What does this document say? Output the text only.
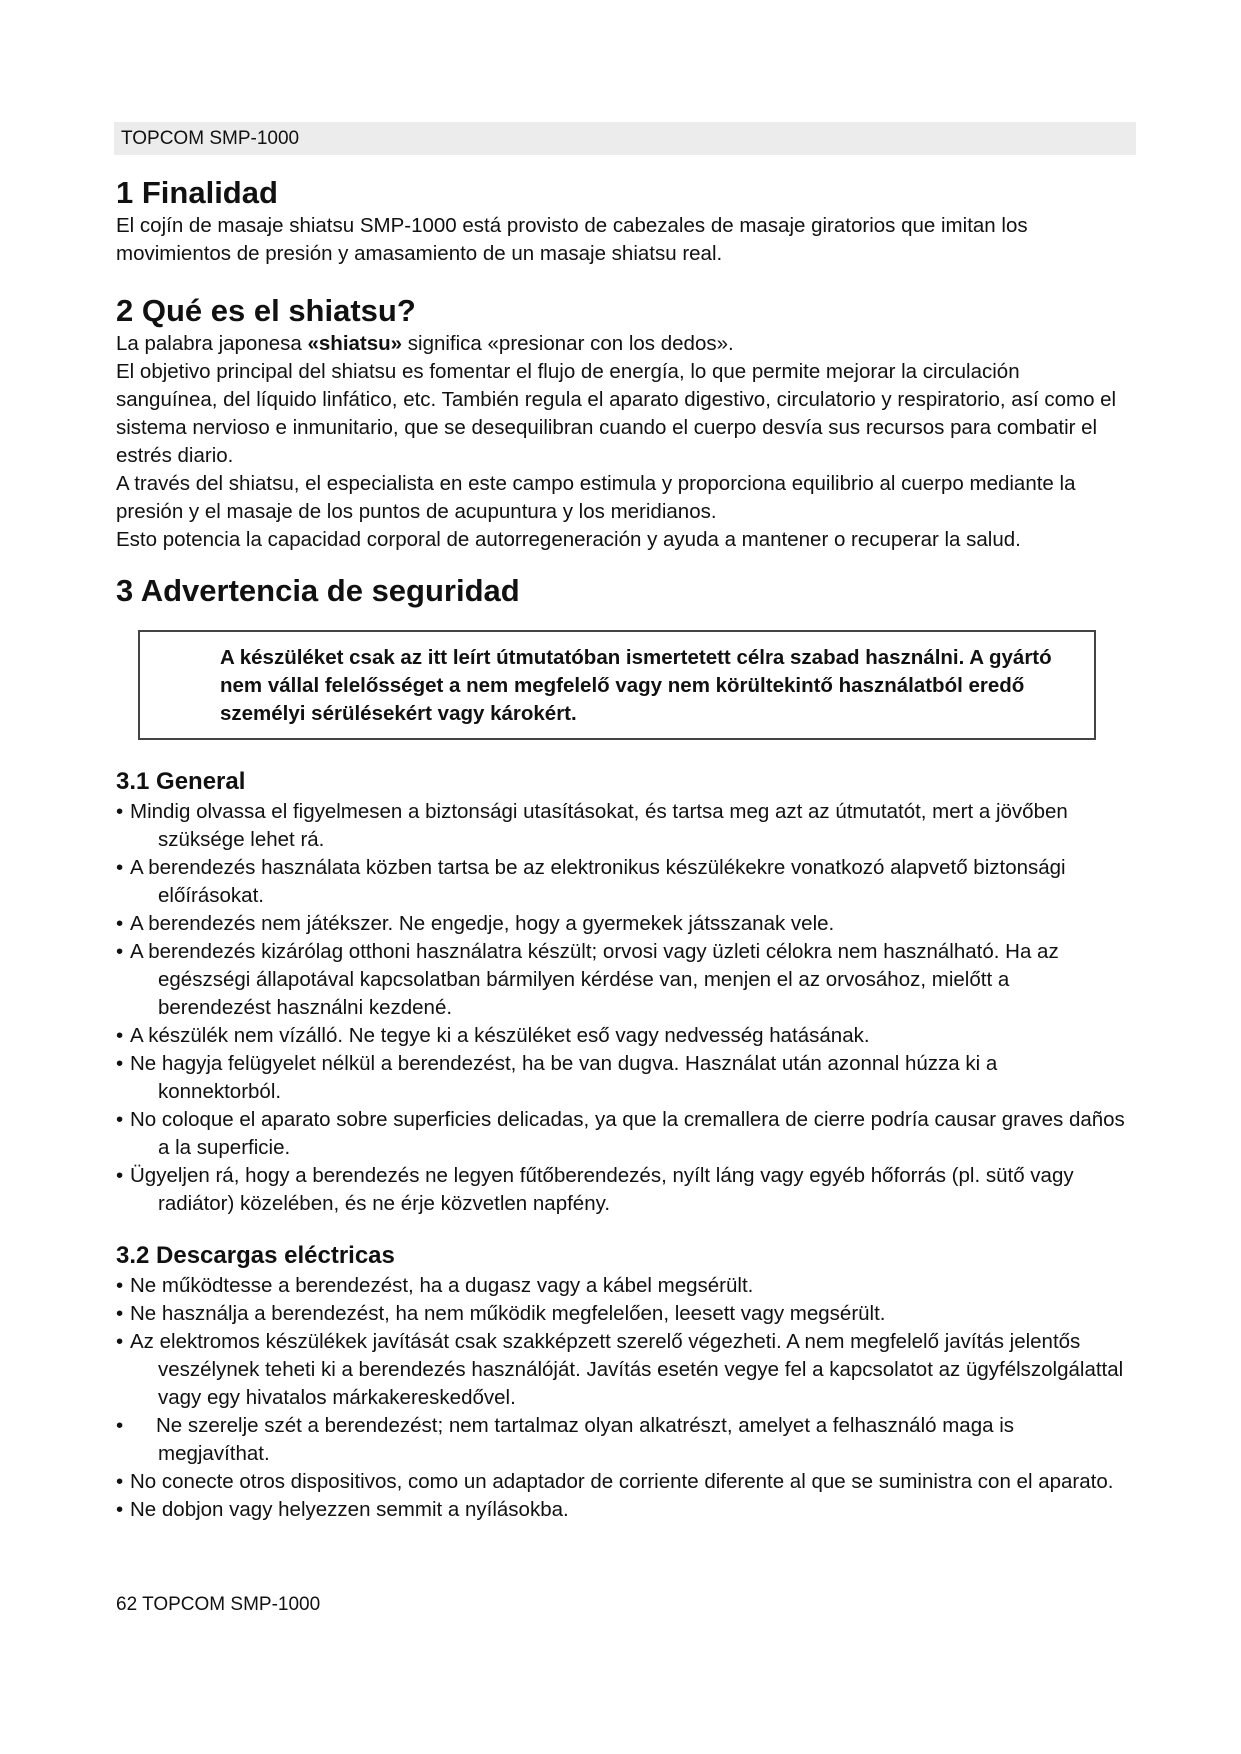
TOPCOM SMP-1000
1 Finalidad

El cojín de masaje shiatsu SMP-1000 está provisto de cabezales de masaje giratorios que imitan los movimientos de presión y amasamiento de un masaje shiatsu real.

2 Qué es el shiatsu?

La palabra japonesa «shiatsu» significa «presionar con los dedos».

El objetivo principal del shiatsu es fomentar el flujo de energía, lo que permite mejorar la circulación sanguínea, del líquido linfático, etc. También regula el aparato digestivo, circulatorio y respiratorio, así como el sistema nervioso e inmunitario, que se desequilibran cuando el cuerpo desvía sus recursos para combatir el estrés diario.

A través del shiatsu, el especialista en este campo estimula y proporciona equilibrio al cuerpo mediante la presión y el masaje de los puntos de acupuntura y los meridianos.

Esto potencia la capacidad corporal de autorregeneración y ayuda a mantener o recuperar la salud.

3 Advertencia de seguridad

A készüléket csak az itt leírt útmutatóban ismertetett célra szabad használni. A gyártó nem vállal felelősséget a nem megfelelő vagy nem körültekintő használatból eredő személyi sérülésekért vagy károkért.

3.1 General
• Mindig olvassa el figyelmesen a biztonsági utasításokat, és tartsa meg azt az útmutatót, mert a jövőben szüksége lehet rá.
• A berendezés használata közben tartsa be az elektronikus készülékekre vonatkozó alapvető biztonsági előírásokat.
• A berendezés nem játékszer. Ne engedje, hogy a gyermekek játsszanak vele.
• A berendezés kizárólag otthoni használatra készült; orvosi vagy üzleti célokra nem használható. Ha az egészségi állapotával kapcsolatban bármilyen kérdése van, menjen el az orvosához, mielőtt a berendezést használni kezdené.
• A készülék nem vízálló. Ne tegye ki a készüléket eső vagy nedvesség hatásának.
• Ne hagyja felügyelet nélkül a berendezést, ha be van dugva. Használat után azonnal húzza ki a konnektorból.
• No coloque el aparato sobre superficies delicadas, ya que la cremallera de cierre podría causar graves daños a la superficie.
• Ügyeljen rá, hogy a berendezés ne legyen fűtőberendezés, nyílt láng vagy egyéb hőforrás (pl. sütő vagy radiátor) közelében, és ne érje közvetlen napfény.
3.2 Descargas eléctricas
• Ne működtesse a berendezést, ha a dugasz vagy a kábel megsérült.
• Ne használja a berendezést, ha nem működik megfelelően, leesett vagy megsérült.
• Az elektromos készülékek javítását csak szakképzett szerelő végezheti. A nem megfelelő javítás jelentős veszélynek teheti ki a berendezés használóját. Javítás esetén vegye fel a kapcsolatot az ügyfélszolgálattal vagy egy hivatalos márkakereskedővel.
• Ne szerelje szét a berendezést; nem tartalmaz olyan alkatrészt, amelyet a felhasználó maga is megjavíthat.
• No conecte otros dispositivos, como un adaptador de corriente diferente al que se suministra con el aparato.
• Ne dobjon vagy helyezzen semmit a nyílásokba.
62 TOPCOM SMP-1000
